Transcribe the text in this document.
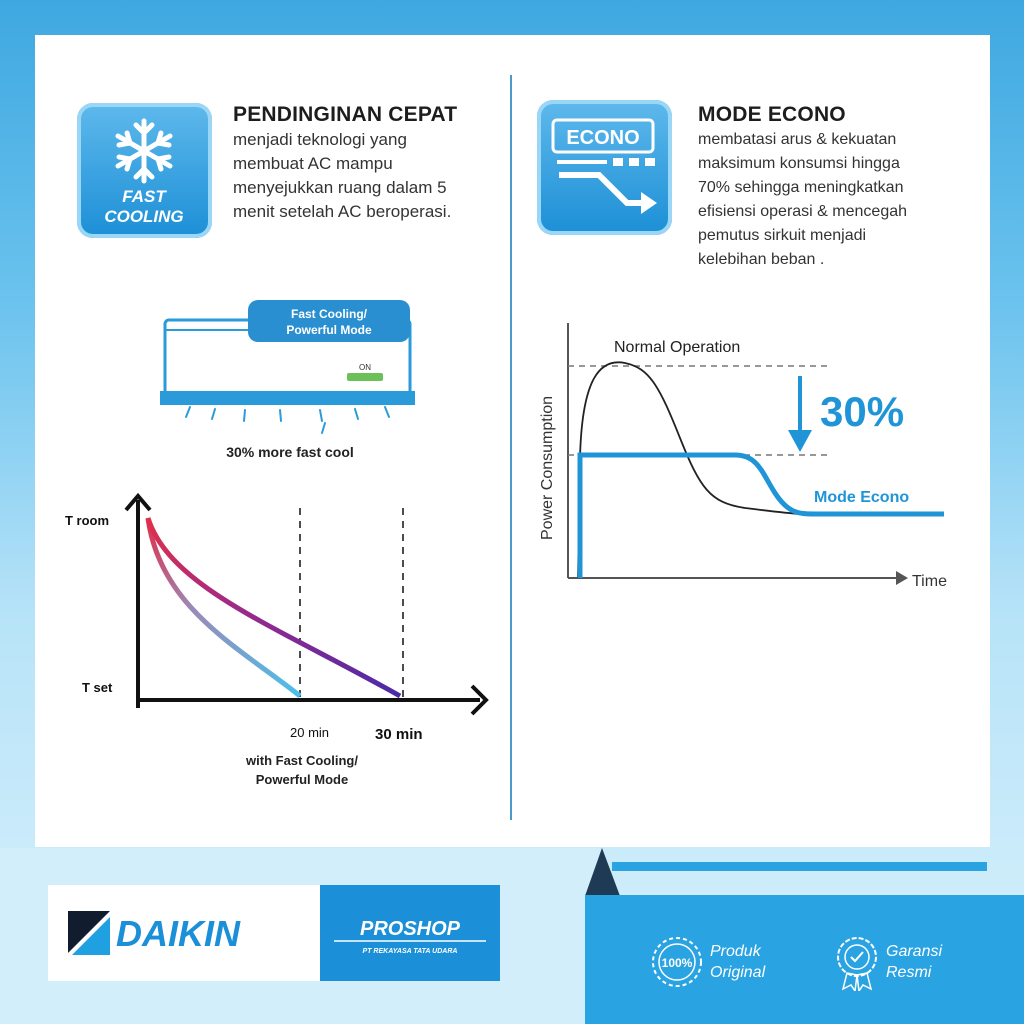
FAST
COOLING
PENDINGINAN CEPAT
menjadi teknologi yang
membuat AC mampu
menyejukkan ruang dalam 5
menit setelah AC beroperasi.
ECONO
MODE ECONO
membatasi arus & kekuatan
maksimum konsumsi hingga
70% sehingga meningkatkan
efisiensi operasi & mencegah
pemutus sirkuit menjadi
kelebihan beban .
ON
Fast Cooling/
Powerful Mode
30% more fast cool
T room
T set
20 min	30 min
with Fast Cooling/
Powerful Mode
Normal Operation
30%
Mode Econo
Time
Power Consumption
DAIKIN	PROSHOP
PT REKAYASA TATA UDARA
100%
Produk
Original
Garansi
Resmi
